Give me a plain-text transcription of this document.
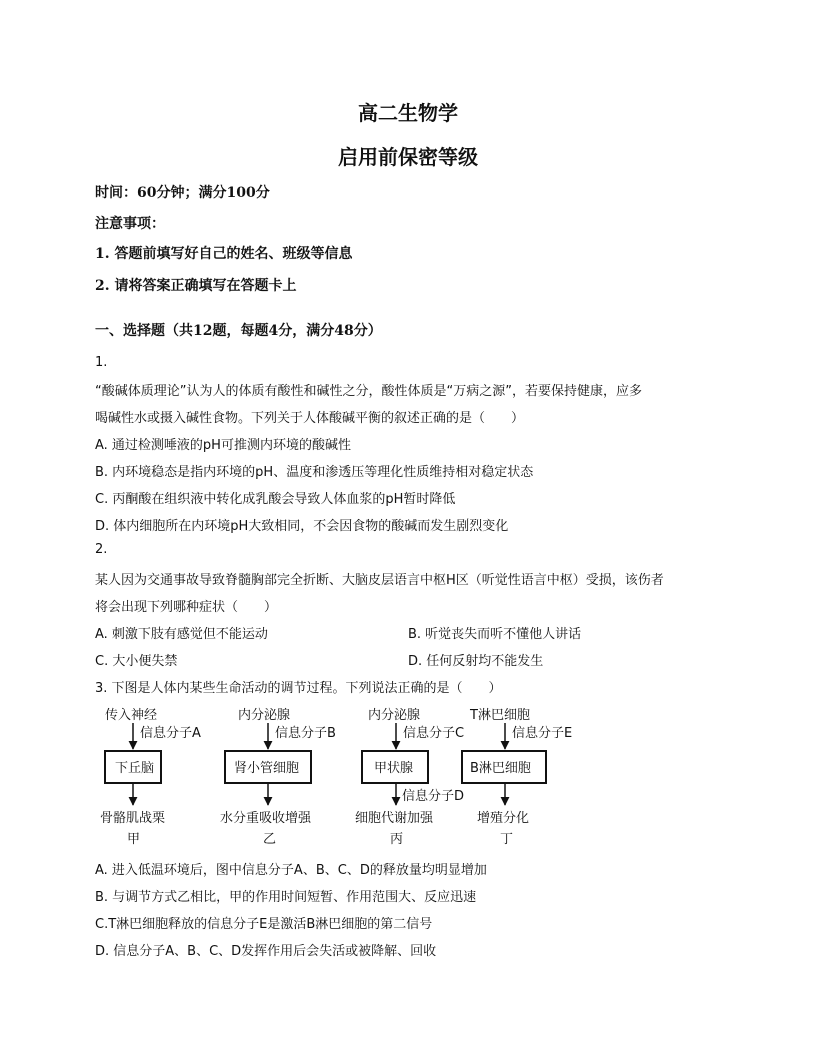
高二生物学
启用前保密等级
时间：60分钟；满分100分
注意事项：
1. 答题前填写好自己的姓名、班级等信息
2. 请将答案正确填写在答题卡上
一、选择题（共12题，每题4分，满分48分）
1.
“酸碱体质理论”认为人的体质有酸性和碱性之分，酸性体质是“万病之源”，若要保持健康，应多
喝碱性水或摄入碱性食物。下列关于人体酸碱平衡的叙述正确的是（　　）
A. 通过检测唾液的pH可推测内环境的酸碱性
B. 内环境稳态是指内环境的pH、温度和渗透压等理化性质维持相对稳定状态
C. 丙酮酸在组织液中转化成乳酸会导致人体血浆的pH暂时降低
D. 体内细胞所在内环境pH大致相同，不会因食物的酸碱而发生剧烈变化
2.
某人因为交通事故导致脊髓胸部完全折断、大脑皮层语言中枢H区（听觉性语言中枢）受损，该伤者
将会出现下列哪种症状（　　）
A. 刺激下肢有感觉但不能运动	B. 听觉丧失而听不懂他人讲话
C. 大小便失禁	D. 任何反射均不能发生
3. 下图是人体内某些生命活动的调节过程。下列说法正确的是（　　）
传入神经
信息分子A
下丘脑
骨骼肌战栗
甲
内分泌腺
信息分子B
肾小管细胞
水分重吸收增强
乙
内分泌腺
信息分子C
甲状腺
信息分子D
细胞代谢加强
丙
T淋巴细胞
信息分子E
B淋巴细胞
增殖分化
丁
A. 进入低温环境后，图中信息分子A、B、C、D的释放量均明显增加
B. 与调节方式乙相比，甲的作用时间短暂、作用范围大、反应迅速
C.T淋巴细胞释放的信息分子E是激活B淋巴细胞的第二信号
D. 信息分子A、B、C、D发挥作用后会失活或被降解、回收
